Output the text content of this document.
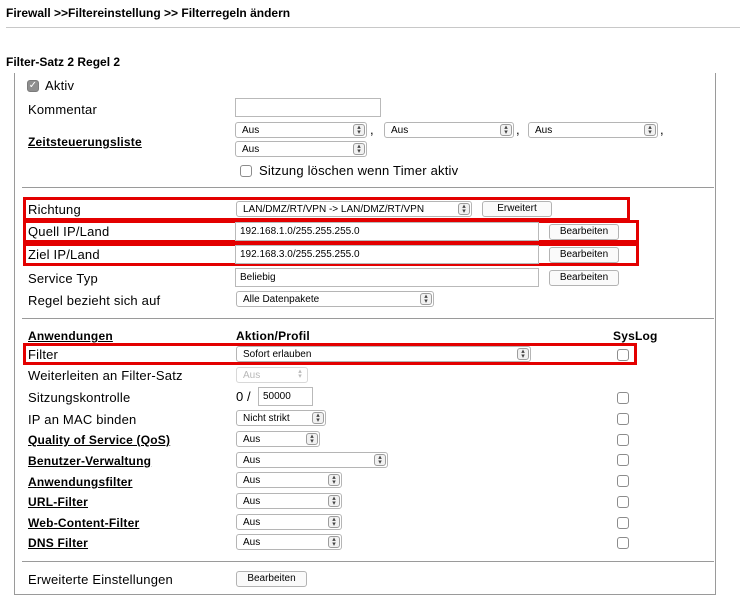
Firewall >>Filtereinstellung >> Filterregeln ändern
Filter-Satz 2 Regel 2
✓ Aktiv
Kommentar
Zeitsteuerungsliste
Aus	▴
▾ ,	Aus	▴
▾ ,	Aus	▴
▾ ,
Aus	▴
▾
Sitzung löschen wenn Timer aktiv
Richtung	LAN/DMZ/RT/VPN -> LAN/DMZ/RT/VPN	▴
▾	Erweitert
Quell IP/Land	192.168.1.0/255.255.255.0	Bearbeiten
Ziel IP/Land	192.168.3.0/255.255.255.0	Bearbeiten
Service Typ	Beliebig	Bearbeiten
Regel bezieht sich auf	Alle Datenpakete	▴
▾
Anwendungen	Aktion/Profil	SysLog
Filter	Sofort erlauben	▴
▾
Weiterleiten an Filter-Satz	Aus	▴
▾
Sitzungskontrolle	0 /	50000
IP an MAC binden	Nicht strikt	▴
▾
Quality of Service (QoS)	Aus	▴
▾
Benutzer-Verwaltung	Aus	▴
▾
Anwendungsfilter	Aus	▴
▾
URL-Filter	Aus	▴
▾
Web-Content-Filter	Aus	▴
▾
DNS Filter	Aus	▴
▾
Erweiterte Einstellungen	Bearbeiten
